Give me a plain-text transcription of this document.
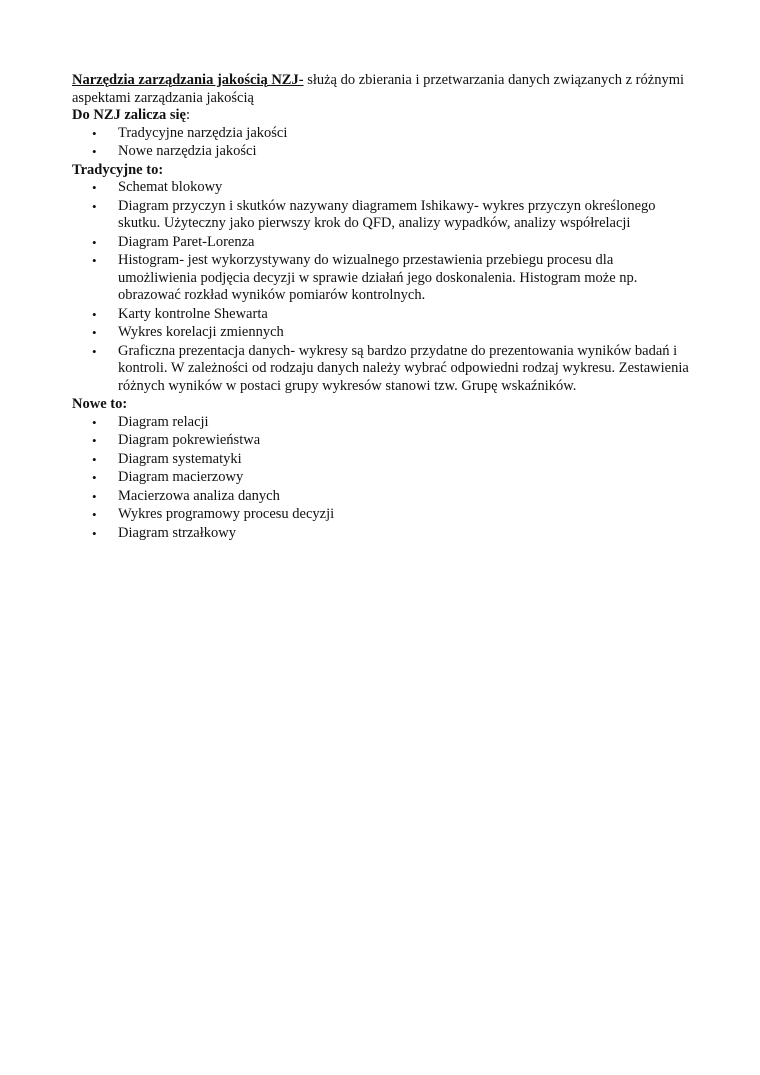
Narzędzia zarządzania jakością NZJ- służą do zbierania i przetwarzania danych związanych z różnymi aspektami zarządzania jakością

Do NZJ zalicza się:

• Tradycyjne narzędzia jakości
• Nowe narzędzia jakości

Tradycyjne to:

• Schemat blokowy
• Diagram przyczyn i skutków nazywany diagramem Ishikawy- wykres przyczyn określonego skutku. Użyteczny jako pierwszy krok do QFD, analizy wypadków, analizy współrelacji
• Diagram Paret-Lorenza
• Histogram- jest wykorzystywany do wizualnego przestawienia przebiegu procesu dla umożliwienia podjęcia decyzji w sprawie działań jego doskonalenia. Histogram może np. obrazować rozkład wyników pomiarów kontrolnych.
• Karty kontrolne Shewarta
• Wykres korelacji zmiennych
• Graficzna prezentacja danych- wykresy są bardzo przydatne do prezentowania wyników badań i kontroli. W zależności od rodzaju danych należy wybrać odpowiedni rodzaj wykresu. Zestawienia różnych wyników w postaci grupy wykresów stanowi tzw. Grupę wskaźników.

Nowe to:

• Diagram relacji
• Diagram pokrewieństwa
• Diagram systematyki
• Diagram macierzowy
• Macierzowa analiza danych
• Wykres programowy procesu decyzji
• Diagram strzałkowy
